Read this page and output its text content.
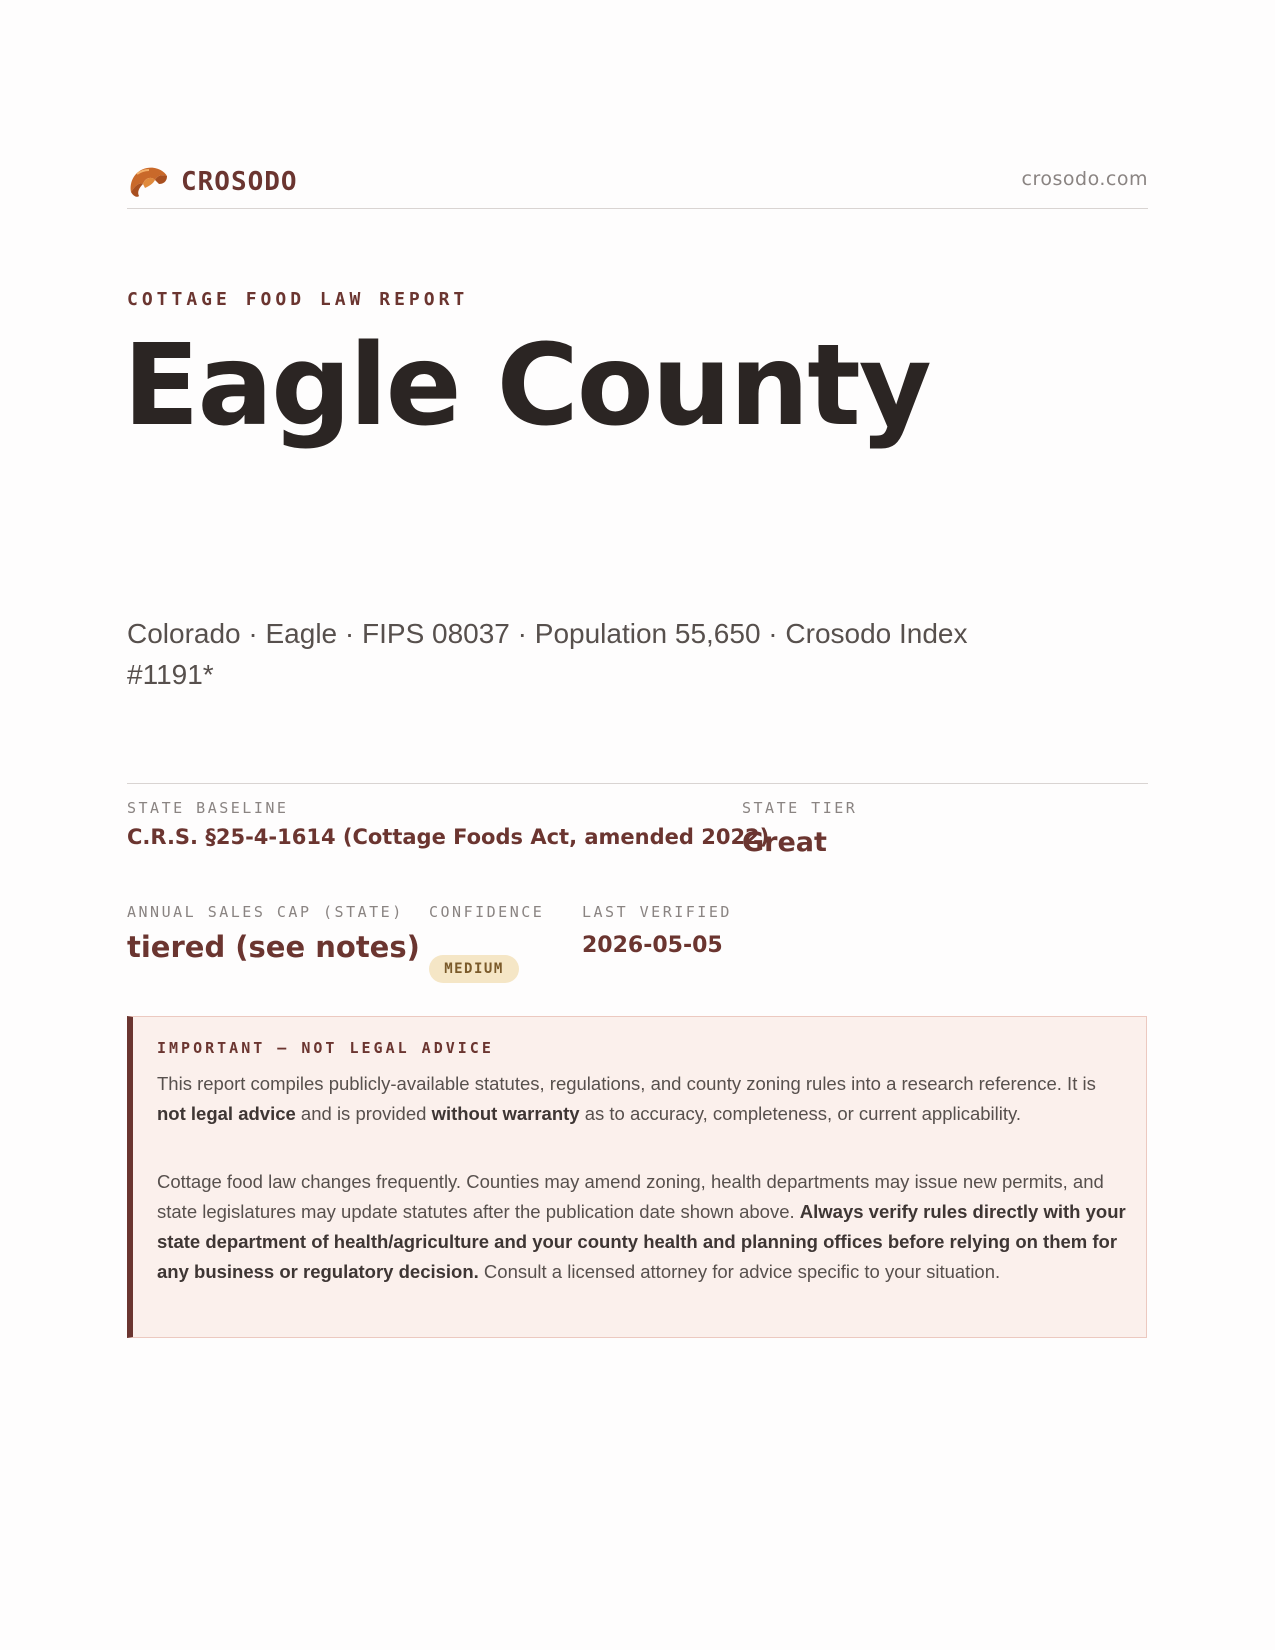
CROSODO	crosodo.com
COTTAGE FOOD LAW REPORT
Eagle County
Colorado · Eagle · FIPS 08037 · Population 55,650 · Crosodo Index #1191*
STATE BASELINE
C.R.S. §25-4-1614 (Cottage Foods Act, amended 2022)
STATE TIER
Great
ANNUAL SALES CAP (STATE)
tiered (see notes)
CONFIDENCE
MEDIUM
LAST VERIFIED
2026-05-05
IMPORTANT — NOT LEGAL ADVICE

This report compiles publicly-available statutes, regulations, and county zoning rules into a research reference. It is not legal advice and is provided without warranty as to accuracy, completeness, or current applicability.

Cottage food law changes frequently. Counties may amend zoning, health departments may issue new permits, and state legislatures may update statutes after the publication date shown above. Always verify rules directly with your state department of health/agriculture and your county health and planning offices before relying on them for any business or regulatory decision. Consult a licensed attorney for advice specific to your situation.
